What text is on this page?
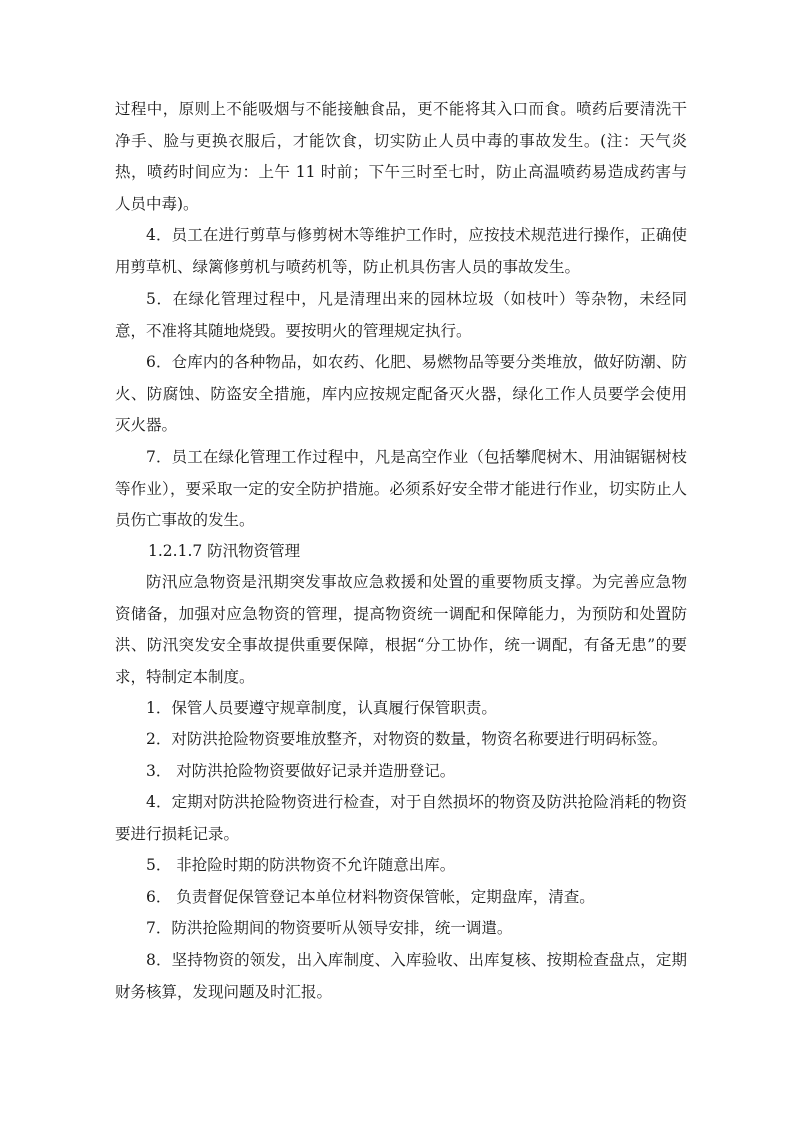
过程中，原则上不能吸烟与不能接触食品，更不能将其入口而食。喷药后要清洗干净手、脸与更换衣服后，才能饮食，切实防止人员中毒的事故发生。(注：天气炎热，喷药时间应为：上午 11 时前；下午三时至七时，防止高温喷药易造成药害与人员中毒)。

4．员工在进行剪草与修剪树木等维护工作时，应按技术规范进行操作，正确使用剪草机、绿篱修剪机与喷药机等，防止机具伤害人员的事故发生。

5．在绿化管理过程中，凡是清理出来的园林垃圾（如枝叶）等杂物，未经同意，不准将其随地烧毁。要按明火的管理规定执行。

6．仓库内的各种物品，如农药、化肥、易燃物品等要分类堆放，做好防潮、防火、防腐蚀、防盗安全措施，库内应按规定配备灭火器，绿化工作人员要学会使用灭火器。

7．员工在绿化管理工作过程中，凡是高空作业（包括攀爬树木、用油锯锯树枝等作业），要采取一定的安全防护措施。必须系好安全带才能进行作业，切实防止人员伤亡事故的发生。

1.2.1.7 防汛物资管理

防汛应急物资是汛期突发事故应急救援和处置的重要物质支撑。为完善应急物资储备，加强对应急物资的管理，提高物资统一调配和保障能力，为预防和处置防洪、防汛突发安全事故提供重要保障，根据“分工协作，统一调配，有备无患”的要求，特制定本制度。

1．保管人员要遵守规章制度，认真履行保管职责。

2．对防洪抢险物资要堆放整齐，对物资的数量，物资名称要进行明码标签。

3． 对防洪抢险物资要做好记录并造册登记。

4．定期对防洪抢险物资进行检查，对于自然损坏的物资及防洪抢险消耗的物资要进行损耗记录。

5． 非抢险时期的防洪物资不允许随意出库。

6． 负责督促保管登记本单位材料物资保管帐，定期盘库，清查。

7．防洪抢险期间的物资要听从领导安排，统一调遣。

8．坚持物资的领发，出入库制度、入库验收、出库复核、按期检查盘点，定期财务核算，发现问题及时汇报。
